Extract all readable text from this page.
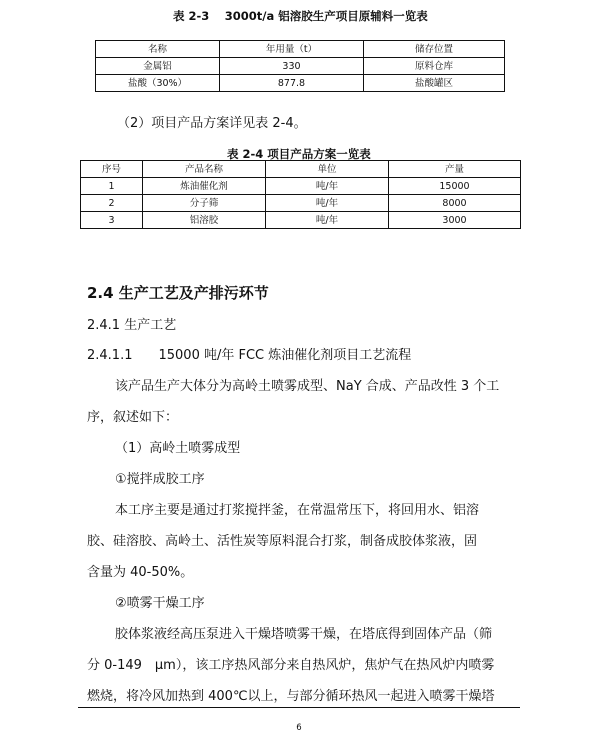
表 2-3　 3000t/a 铝溶胶生产项目原辅料一览表
名称	年用量（t）	储存位置
金属铝	330	原料仓库
盐酸（30%）	877.8	盐酸罐区
（2）项目产品方案详见表 2-4。
表 2-4 项目产品方案一览表
序号	产品名称	单位	产量
1	炼油催化剂	吨/年	15000
2	分子筛	吨/年	8000
3	铝溶胶	吨/年	3000
2.4 生产工艺及产排污环节
2.4.1 生产工艺
2.4.1.1　　15000 吨/年 FCC 炼油催化剂项目工艺流程
该产品生产大体分为高岭土喷雾成型、NaY 合成、产品改性 3 个工
序，叙述如下：
（1）高岭土喷雾成型
①搅拌成胶工序
本工序主要是通过打浆搅拌釜，在常温常压下，将回用水、铝溶
胶、硅溶胶、高岭土、活性炭等原料混合打浆，制备成胶体浆液，固
含量为 40-50%。
②喷雾干燥工序
胶体浆液经高压泵进入干燥塔喷雾干燥，在塔底得到固体产品（筛
分 0-149　μm），该工序热风部分来自热风炉，焦炉气在热风炉内喷雾
燃烧，将冷风加热到 400℃以上，与部分循环热风一起进入喷雾干燥塔
6
